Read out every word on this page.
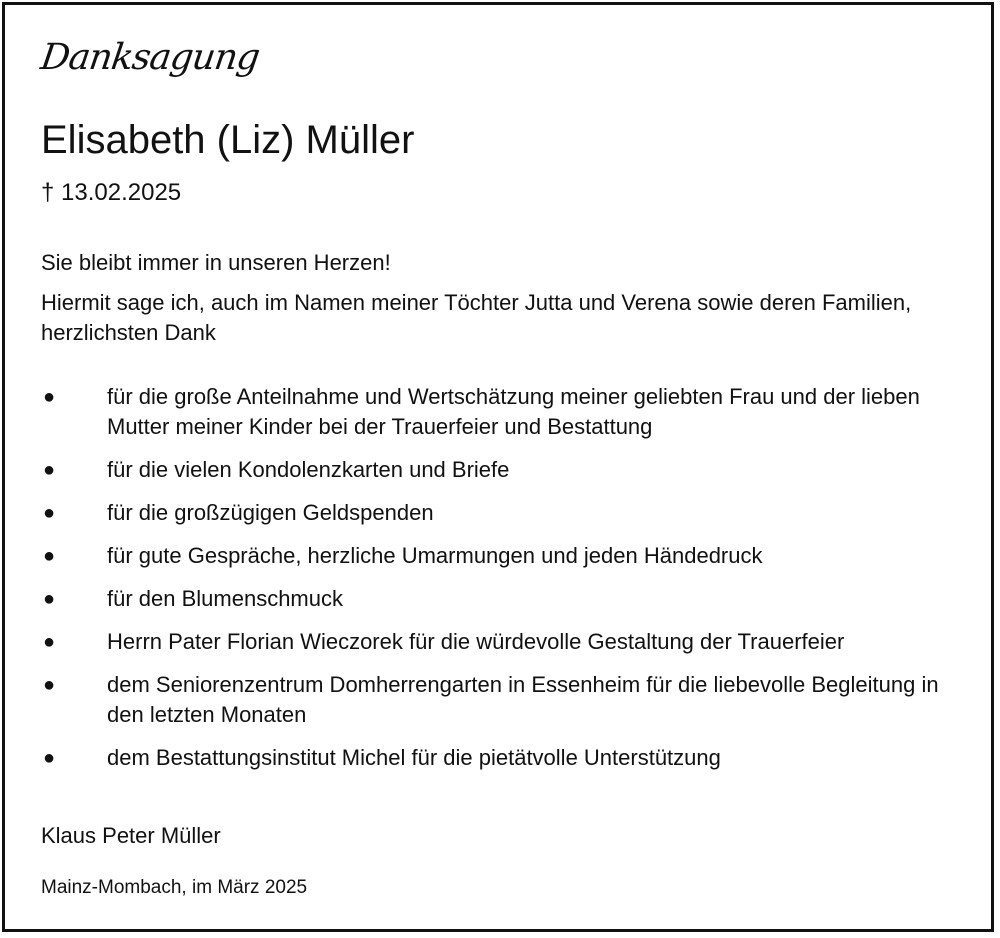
Danksagung
Elisabeth (Liz) Müller
† 13.02.2025
Sie bleibt immer in unseren Herzen!
Hiermit sage ich, auch im Namen meiner Töchter Jutta und Verena sowie deren Familien, herzlichsten Dank
●	für die große Anteilnahme und Wertschätzung meiner geliebten Frau und der lieben Mutter meiner Kinder bei der Trauerfeier und Bestattung
●	für die vielen Kondolenzkarten und Briefe
●	für die großzügigen Geldspenden
●	für gute Gespräche, herzliche Umarmungen und jeden Händedruck
●	für den Blumenschmuck
●	Herrn Pater Florian Wieczorek für die würdevolle Gestaltung der Trauerfeier
●	dem Seniorenzentrum Domherrengarten in Essenheim für die liebevolle Begleitung in den letzten Monaten
●	dem Bestattungsinstitut Michel für die pietätvolle Unterstützung
Klaus Peter Müller
Mainz-Mombach, im März 2025
